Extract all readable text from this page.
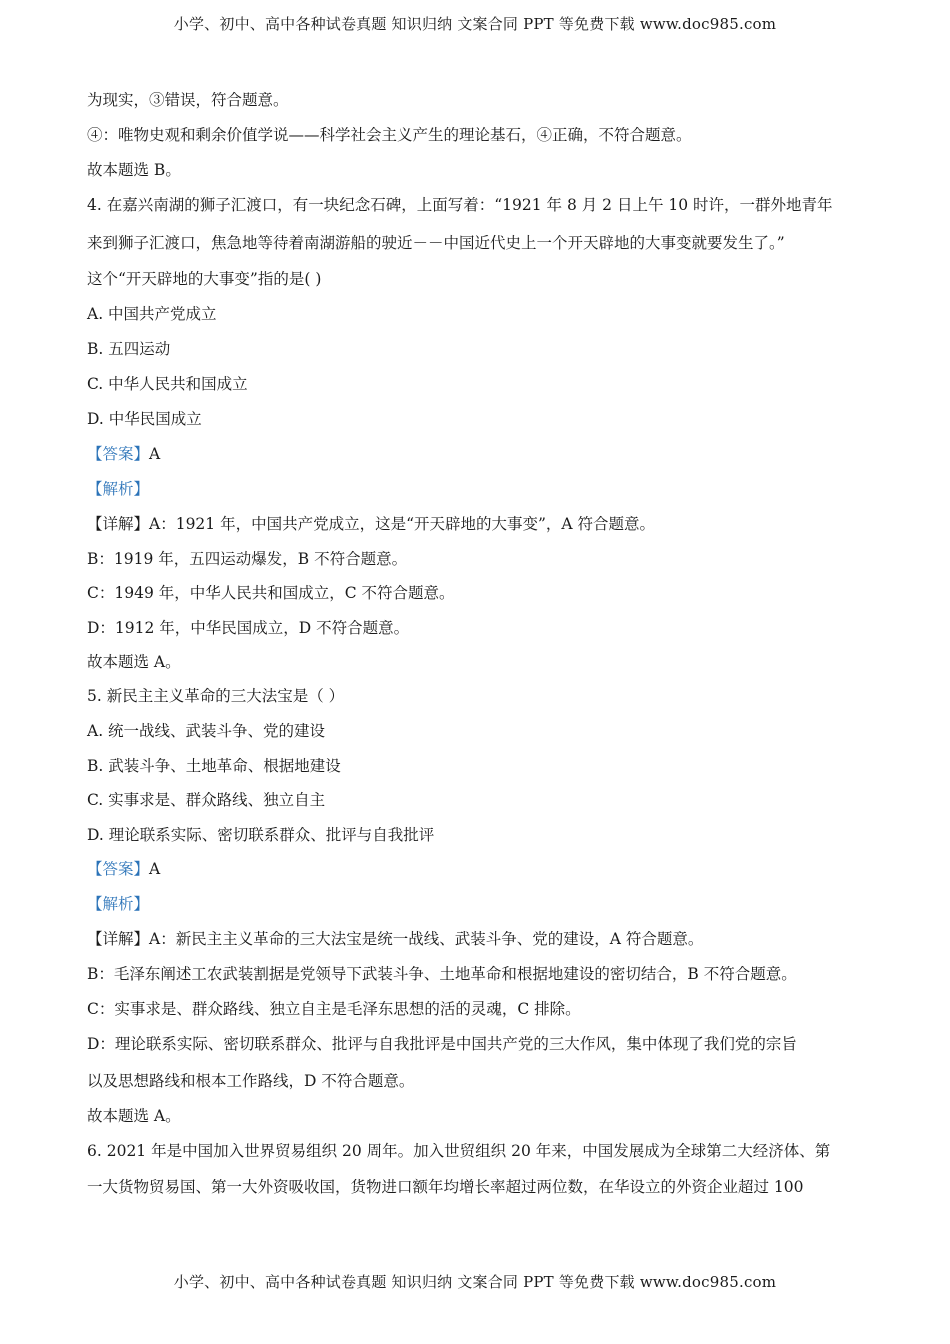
小学、初中、高中各种试卷真题 知识归纳 文案合同 PPT 等免费下载 www.doc985.com
为现实，③错误，符合题意。
④：唯物史观和剩余价值学说——科学社会主义产生的理论基石，④正确，不符合题意。
故本题选 B。
4. 在嘉兴南湖的狮子汇渡口，有一块纪念石碑，上面写着：“1921 年 8 月 2 日上午 10 时许，一群外地青年
来到狮子汇渡口，焦急地等待着南湖游船的驶近－－中国近代史上一个开天辟地的大事变就要发生了。”
这个“开天辟地的大事变”指的是( )
A. 中国共产党成立
B. 五四运动
C. 中华人民共和国成立
D. 中华民国成立
【答案】A
【解析】
【详解】A：1921 年，中国共产党成立，这是“开天辟地的大事变”，A 符合题意。
B：1919 年，五四运动爆发，B 不符合题意。
C：1949 年，中华人民共和国成立，C 不符合题意。
D：1912 年，中华民国成立，D 不符合题意。
故本题选 A。
5. 新民主主义革命的三大法宝是（ ）
A. 统一战线、武装斗争、党的建设
B. 武装斗争、土地革命、根据地建设
C. 实事求是、群众路线、独立自主
D. 理论联系实际、密切联系群众、批评与自我批评
【答案】A
【解析】
【详解】A：新民主主义革命的三大法宝是统一战线、武装斗争、党的建设，A 符合题意。
B：毛泽东阐述工农武装割据是党领导下武装斗争、土地革命和根据地建设的密切结合，B 不符合题意。
C：实事求是、群众路线、独立自主是毛泽东思想的活的灵魂，C 排除。
D：理论联系实际、密切联系群众、批评与自我批评是中国共产党的三大作风，集中体现了我们党的宗旨
以及思想路线和根本工作路线，D 不符合题意。
故本题选 A。
6. 2021 年是中国加入世界贸易组织 20 周年。加入世贸组织 20 年来，中国发展成为全球第二大经济体、第
一大货物贸易国、第一大外资吸收国，货物进口额年均增长率超过两位数，在华设立的外资企业超过 100
小学、初中、高中各种试卷真题 知识归纳 文案合同 PPT 等免费下载 www.doc985.com
